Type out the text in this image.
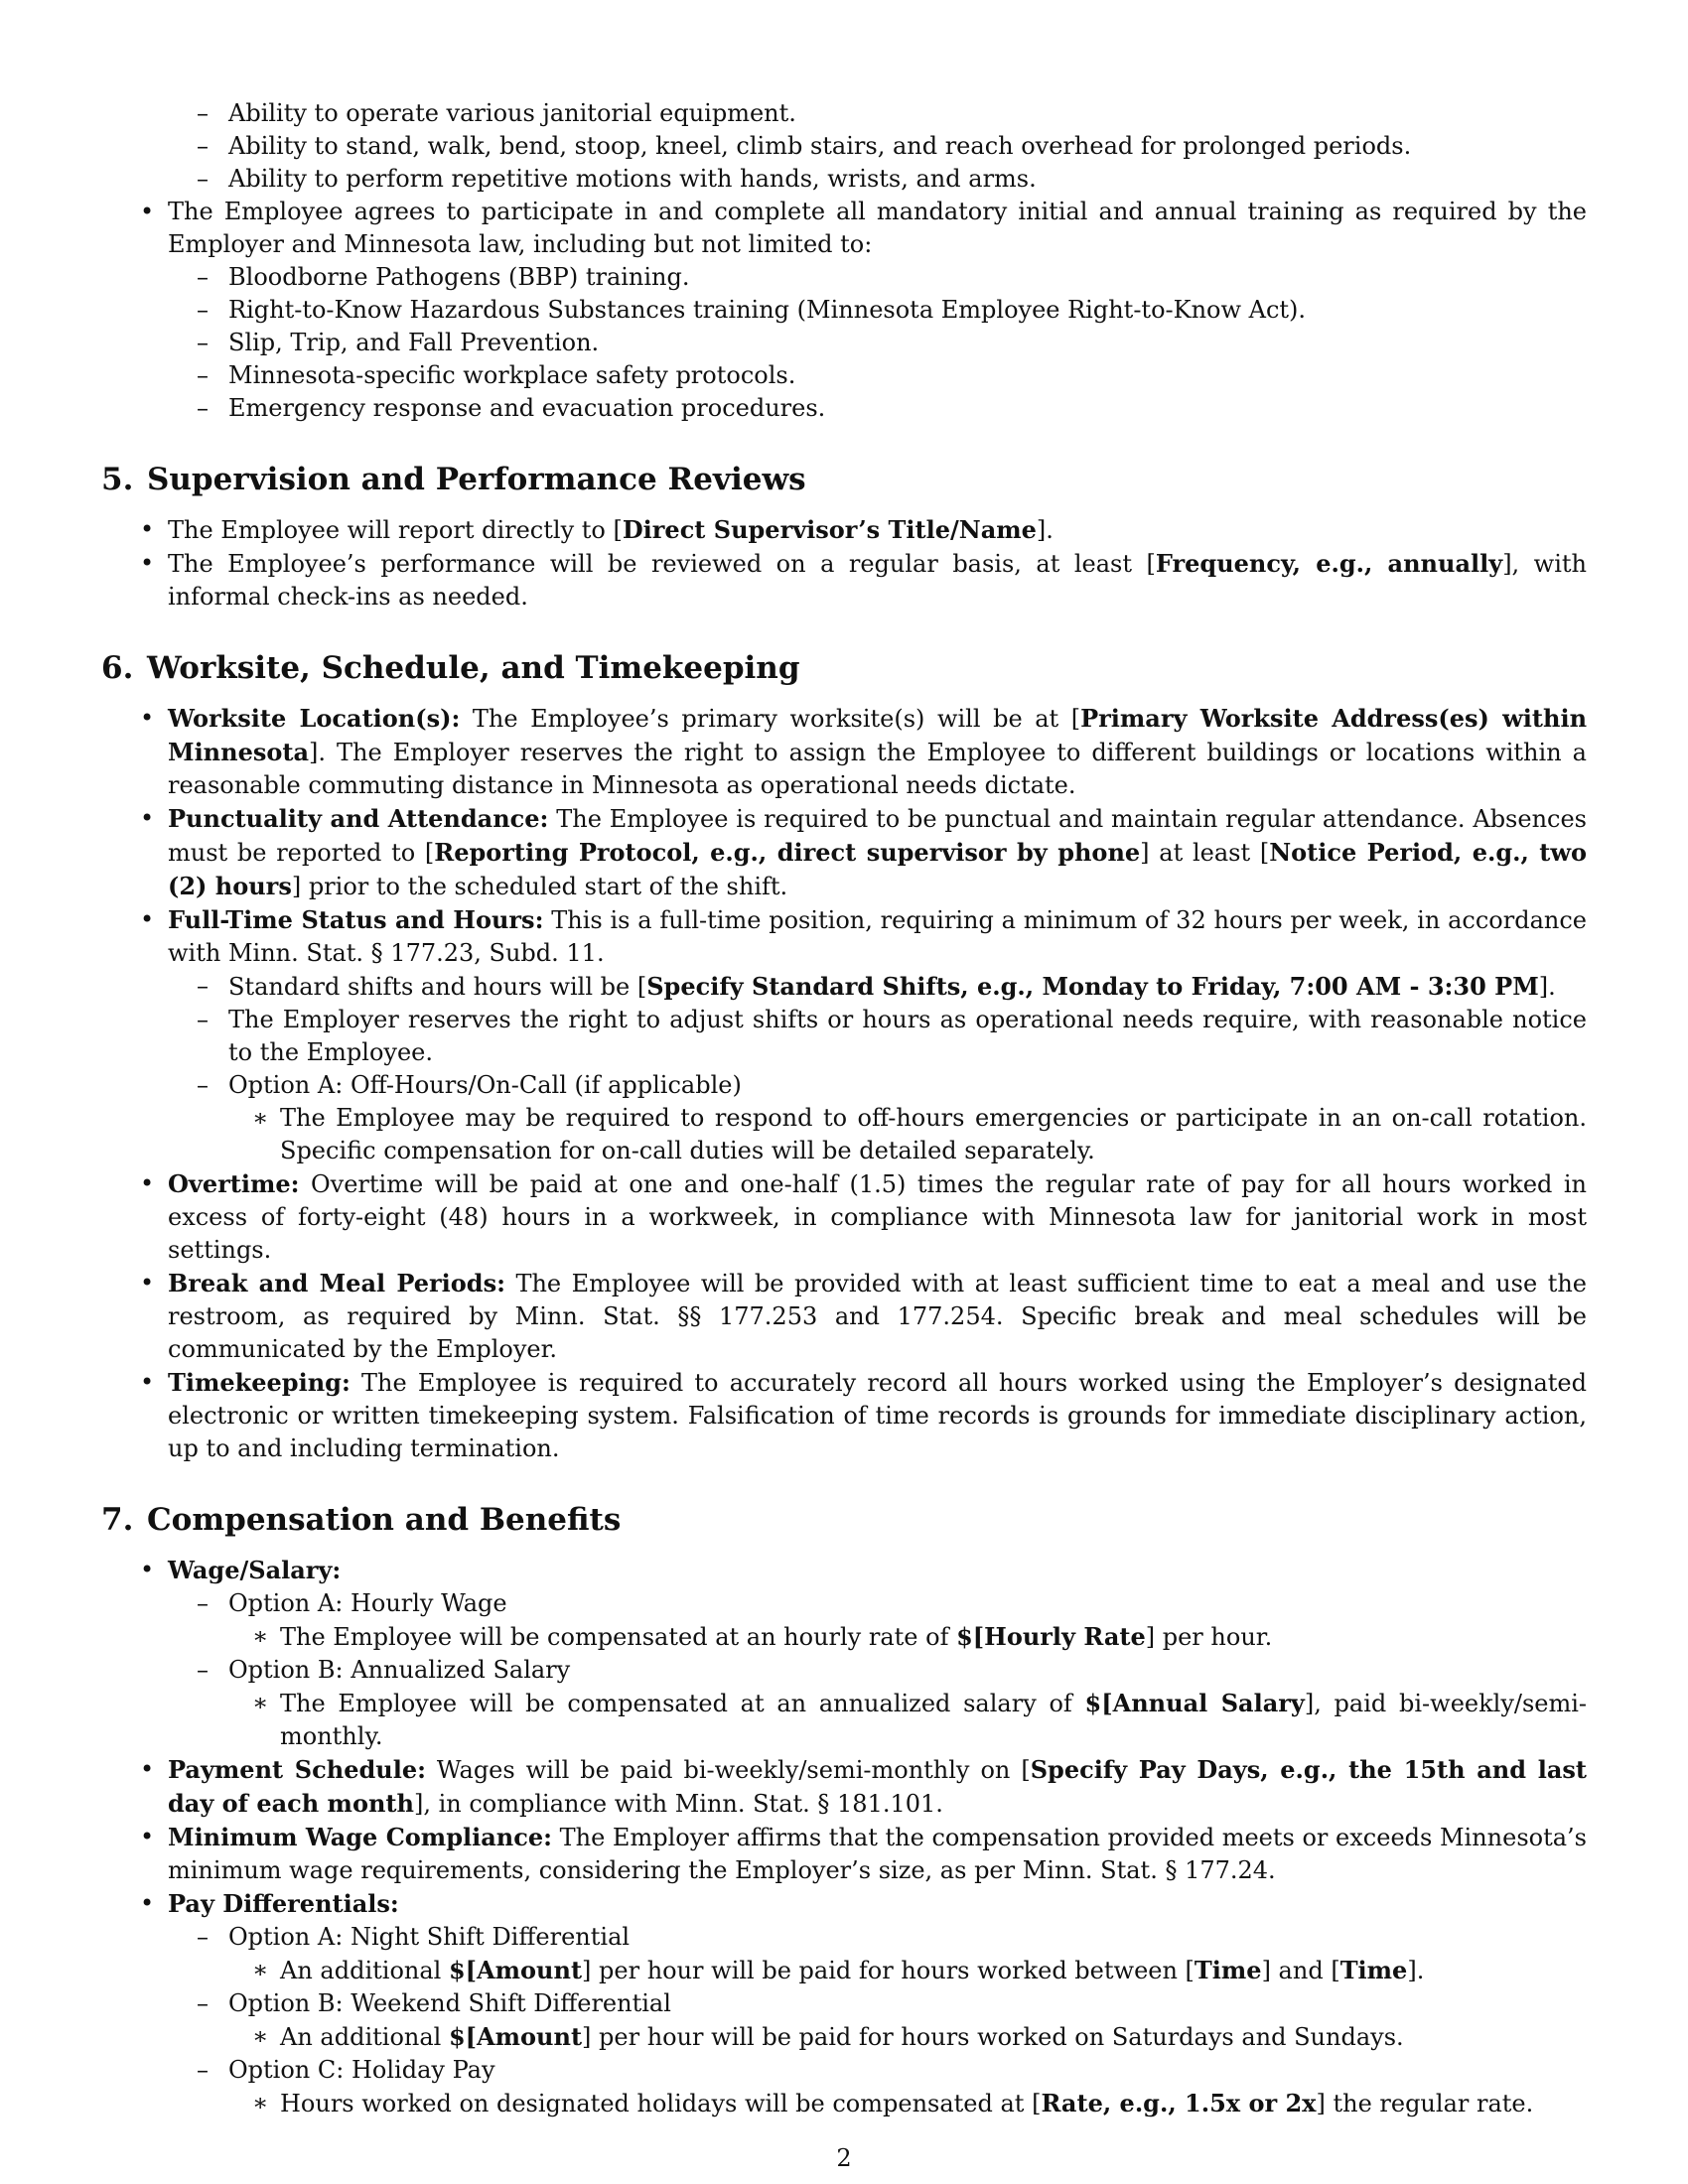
– Ability to operate various janitorial equipment.
– Ability to stand, walk, bend, stoop, kneel, climb stairs, and reach overhead for prolonged periods.
– Ability to perform repetitive motions with hands, wrists, and arms.
• The Employee agrees to participate in and complete all mandatory initial and annual training as required by the Employer and Minnesota law, including but not limited to:
– Bloodborne Pathogens (BBP) training.
– Right-to-Know Hazardous Substances training (Minnesota Employee Right-to-Know Act).
– Slip, Trip, and Fall Prevention.
– Minnesota-specific workplace safety protocols.
– Emergency response and evacuation procedures.
5. Supervision and Performance Reviews
• The Employee will report directly to [Direct Supervisor’s Title/Name].
• The Employee’s performance will be reviewed on a regular basis, at least [Frequency, e.g., annually], with informal check-ins as needed.
6. Worksite, Schedule, and Timekeeping
• Worksite Location(s): The Employee’s primary worksite(s) will be at [Primary Worksite Address(es) within Minnesota]. The Employer reserves the right to assign the Employee to different buildings or locations within a reasonable commuting distance in Minnesota as operational needs dictate.
• Punctuality and Attendance: The Employee is required to be punctual and maintain regular attendance. Absences must be reported to [Reporting Protocol, e.g., direct supervisor by phone] at least [Notice Period, e.g., two (2) hours] prior to the scheduled start of the shift.
• Full-Time Status and Hours: This is a full-time position, requiring a minimum of 32 hours per week, in accordance with Minn. Stat. § 177.23, Subd. 11.
– Standard shifts and hours will be [Specify Standard Shifts, e.g., Monday to Friday, 7:00 AM - 3:30 PM].
– The Employer reserves the right to adjust shifts or hours as operational needs require, with reasonable notice to the Employee.
– Option A: Off-Hours/On-Call (if applicable)
∗ The Employee may be required to respond to off-hours emergencies or participate in an on-call rotation. Specific compensation for on-call duties will be detailed separately.
• Overtime: Overtime will be paid at one and one-half (1.5) times the regular rate of pay for all hours worked in excess of forty-eight (48) hours in a workweek, in compliance with Minnesota law for janitorial work in most settings.
• Break and Meal Periods: The Employee will be provided with at least sufficient time to eat a meal and use the restroom, as required by Minn. Stat. §§ 177.253 and 177.254. Specific break and meal schedules will be communicated by the Employer.
• Timekeeping: The Employee is required to accurately record all hours worked using the Employer’s designated electronic or written timekeeping system. Falsification of time records is grounds for immediate disciplinary action, up to and including termination.
7. Compensation and Benefits
• Wage/Salary:
– Option A: Hourly Wage
∗ The Employee will be compensated at an hourly rate of $[Hourly Rate] per hour.
– Option B: Annualized Salary
∗ The Employee will be compensated at an annualized salary of $[Annual Salary], paid bi-weekly/semi-monthly.
• Payment Schedule: Wages will be paid bi-weekly/semi-monthly on [Specify Pay Days, e.g., the 15th and last day of each month], in compliance with Minn. Stat. § 181.101.
• Minimum Wage Compliance: The Employer affirms that the compensation provided meets or exceeds Minnesota’s minimum wage requirements, considering the Employer’s size, as per Minn. Stat. § 177.24.
• Pay Differentials:
– Option A: Night Shift Differential
∗ An additional $[Amount] per hour will be paid for hours worked between [Time] and [Time].
– Option B: Weekend Shift Differential
∗ An additional $[Amount] per hour will be paid for hours worked on Saturdays and Sundays.
– Option C: Holiday Pay
∗ Hours worked on designated holidays will be compensated at [Rate, e.g., 1.5x or 2x] the regular rate.
2
